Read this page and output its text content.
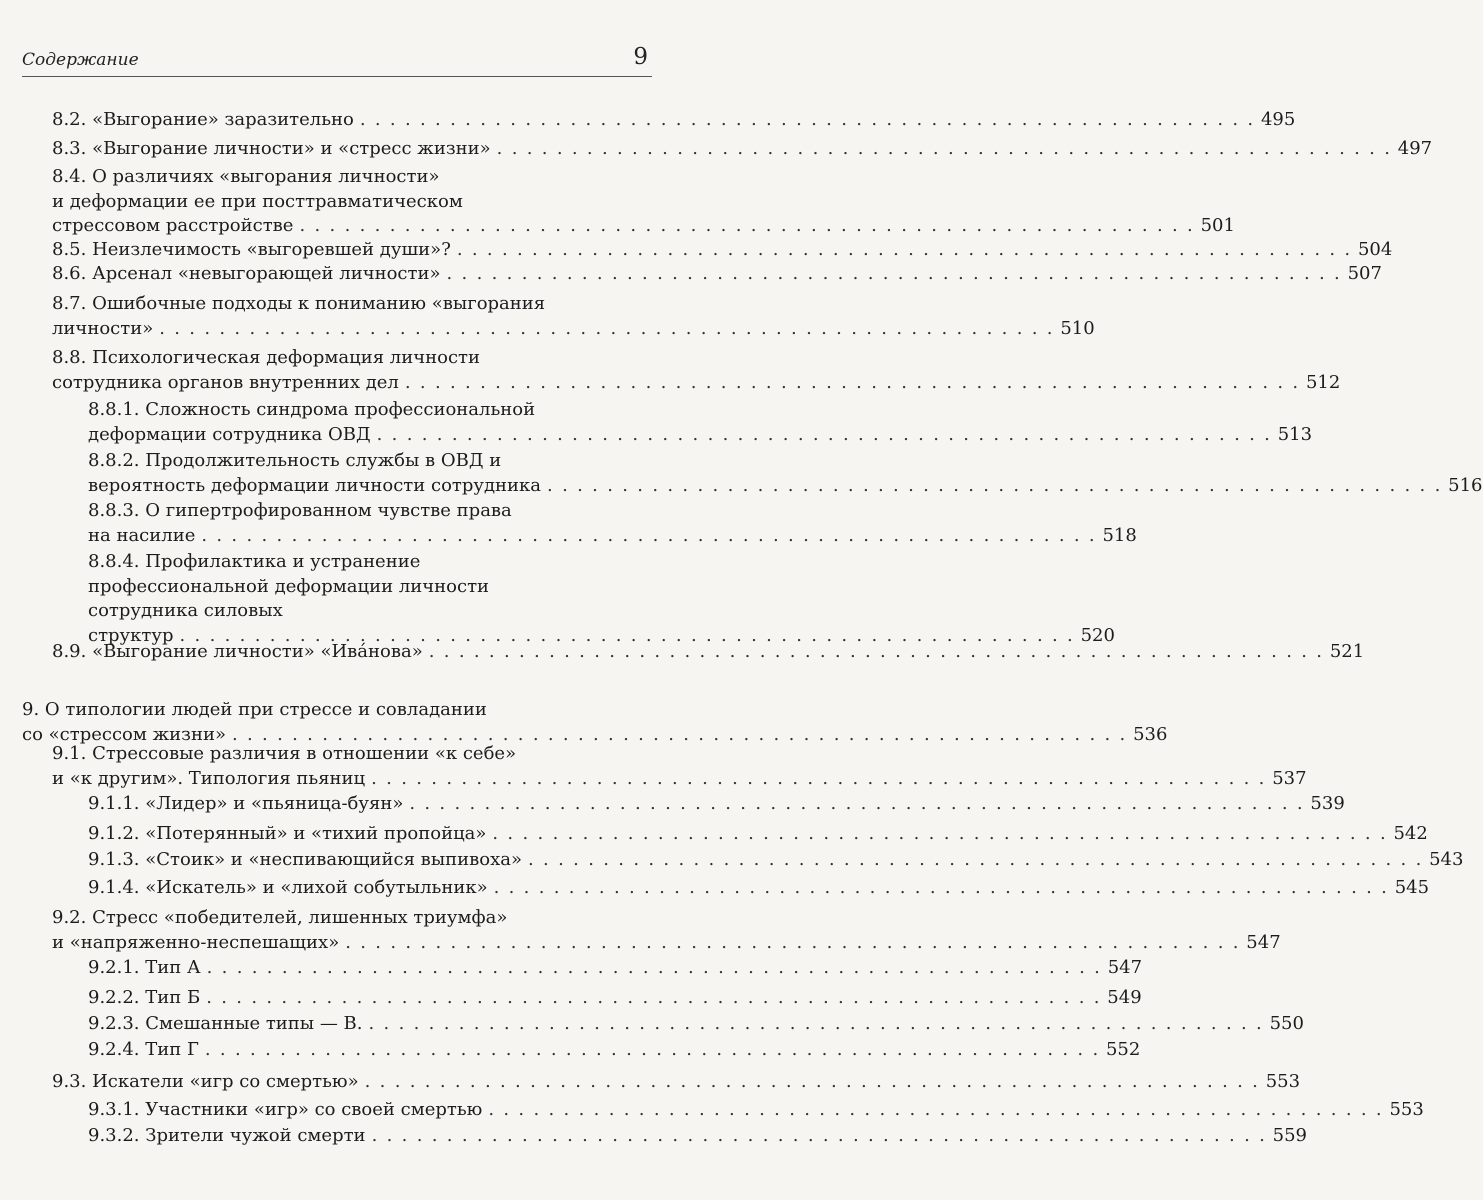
Содержание	9
8.2. «Выгорание» заразительно . . . . . . . . . . . . . . . . . . . . . . . . . . . . . . . . . . . . . . . . . . . . . . . . . . . . . . . . . . . . 495
8.3. «Выгорание личности» и «стресс жизни» . . . . . . . . . . . . . . . . . . . . . . . . . . . . . . . . . . . . . . . . . . . . . . . . . . . . . . . . . . . . 497
8.4. О различиях «выгорания личности»
и деформации ее при посттравматическом
стрессовом расстройстве . . . . . . . . . . . . . . . . . . . . . . . . . . . . . . . . . . . . . . . . . . . . . . . . . . . . . . . . . . . . 501
8.5. Неизлечимость «выгоревшей души»? . . . . . . . . . . . . . . . . . . . . . . . . . . . . . . . . . . . . . . . . . . . . . . . . . . . . . . . . . . . . 504
8.6. Арсенал «невыгорающей личности» . . . . . . . . . . . . . . . . . . . . . . . . . . . . . . . . . . . . . . . . . . . . . . . . . . . . . . . . . . . . 507
8.7. Ошибочные подходы к пониманию «выгорания
личности» . . . . . . . . . . . . . . . . . . . . . . . . . . . . . . . . . . . . . . . . . . . . . . . . . . . . . . . . . . . . 510
8.8. Психологическая деформация личности
сотрудника органов внутренних дел . . . . . . . . . . . . . . . . . . . . . . . . . . . . . . . . . . . . . . . . . . . . . . . . . . . . . . . . . . . . 512
8.8.1. Сложность синдрома профессиональной
деформации сотрудника ОВД . . . . . . . . . . . . . . . . . . . . . . . . . . . . . . . . . . . . . . . . . . . . . . . . . . . . . . . . . . . . 513
8.8.2. Продолжительность службы в ОВД и
вероятность деформации личности сотрудника . . . . . . . . . . . . . . . . . . . . . . . . . . . . . . . . . . . . . . . . . . . . . . . . . . . . . . . . . . . . 516
8.8.3. О гипертрофированном чувстве права
на насилие . . . . . . . . . . . . . . . . . . . . . . . . . . . . . . . . . . . . . . . . . . . . . . . . . . . . . . . . . . . . 518
8.8.4. Профилактика и устранение
профессиональной деформации личности
сотрудника силовых
структур . . . . . . . . . . . . . . . . . . . . . . . . . . . . . . . . . . . . . . . . . . . . . . . . . . . . . . . . . . . . 520
8.9. «Выгорание личности» «Ива́нова» . . . . . . . . . . . . . . . . . . . . . . . . . . . . . . . . . . . . . . . . . . . . . . . . . . . . . . . . . . . . 521
9. О типологии людей при стрессе и совладании
со «стрессом жизни» . . . . . . . . . . . . . . . . . . . . . . . . . . . . . . . . . . . . . . . . . . . . . . . . . . . . . . . . . . . . 536
9.1. Стрессовые различия в отношении «к себе»
и «к другим». Типология пьяниц . . . . . . . . . . . . . . . . . . . . . . . . . . . . . . . . . . . . . . . . . . . . . . . . . . . . . . . . . . . . 537
9.1.1. «Лидер» и «пьяница-буян» . . . . . . . . . . . . . . . . . . . . . . . . . . . . . . . . . . . . . . . . . . . . . . . . . . . . . . . . . . . . 539
9.1.2. «Потерянный» и «тихий пропойца» . . . . . . . . . . . . . . . . . . . . . . . . . . . . . . . . . . . . . . . . . . . . . . . . . . . . . . . . . . . . 542
9.1.3. «Стоик» и «неспивающийся выпивоха» . . . . . . . . . . . . . . . . . . . . . . . . . . . . . . . . . . . . . . . . . . . . . . . . . . . . . . . . . . . . 543
9.1.4. «Искатель» и «лихой собутыльник» . . . . . . . . . . . . . . . . . . . . . . . . . . . . . . . . . . . . . . . . . . . . . . . . . . . . . . . . . . . . 545
9.2. Стресс «победителей, лишенных триумфа»
и «напряженно-неспешащих» . . . . . . . . . . . . . . . . . . . . . . . . . . . . . . . . . . . . . . . . . . . . . . . . . . . . . . . . . . . . 547
9.2.1. Тип А . . . . . . . . . . . . . . . . . . . . . . . . . . . . . . . . . . . . . . . . . . . . . . . . . . . . . . . . . . . . 547
9.2.2. Тип Б . . . . . . . . . . . . . . . . . . . . . . . . . . . . . . . . . . . . . . . . . . . . . . . . . . . . . . . . . . . . 549
9.2.3. Смешанные типы — В. . . . . . . . . . . . . . . . . . . . . . . . . . . . . . . . . . . . . . . . . . . . . . . . . . . . . . . . . . . . . 550
9.2.4. Тип Г . . . . . . . . . . . . . . . . . . . . . . . . . . . . . . . . . . . . . . . . . . . . . . . . . . . . . . . . . . . . 552
9.3. Искатели «игр со смертью» . . . . . . . . . . . . . . . . . . . . . . . . . . . . . . . . . . . . . . . . . . . . . . . . . . . . . . . . . . . . 553
9.3.1. Участники «игр» со своей смертью . . . . . . . . . . . . . . . . . . . . . . . . . . . . . . . . . . . . . . . . . . . . . . . . . . . . . . . . . . . . 553
9.3.2. Зрители чужой смерти . . . . . . . . . . . . . . . . . . . . . . . . . . . . . . . . . . . . . . . . . . . . . . . . . . . . . . . . . . . . 559
